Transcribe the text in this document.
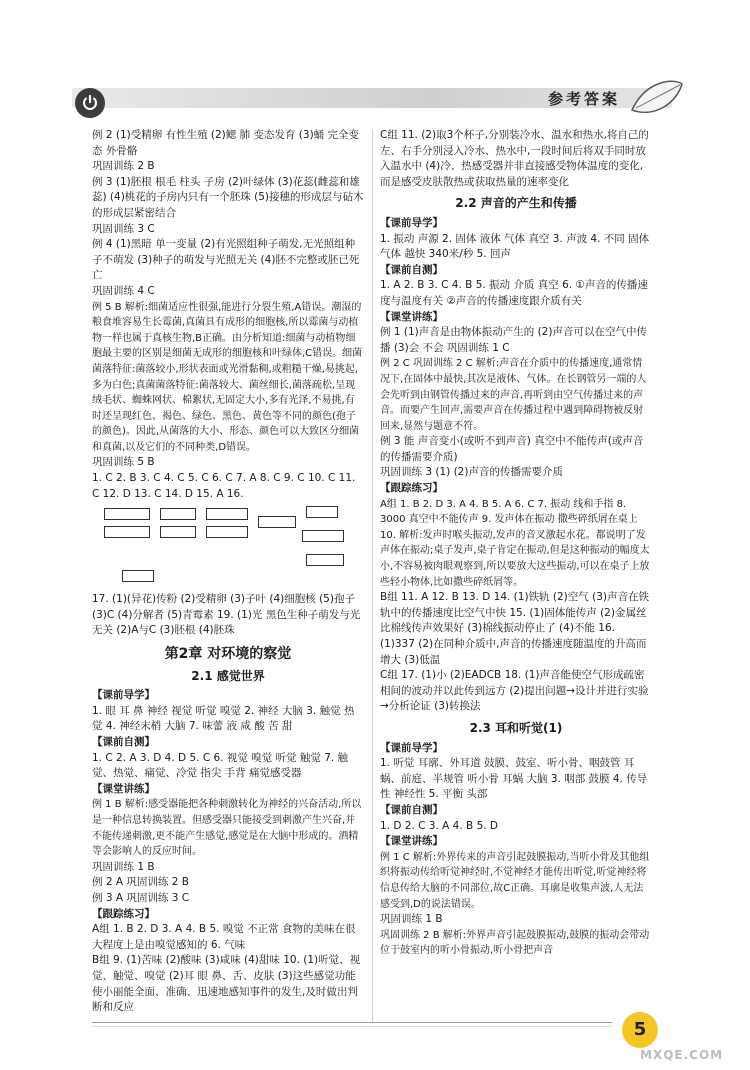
参考答案

例 2 (1)受精卵 有性生殖 (2)鳃 肺 变态发育 (3)蛹 完全变态 外骨骼

巩固训练 2 B

例 3 (1)胚根 根毛 柱头 子房 (2)叶绿体 (3)花蕊(雌蕊和雄蕊) (4)桃花的子房内只有一个胚珠 (5)接穗的形成层与砧木的形成层紧密结合

巩固训练 3 C

例 4 (1)黑暗 单一变量 (2)有光照组种子萌发,无光照组种子不萌发 (3)种子的萌发与光照无关 (4)胚不完整或胚已死亡

巩固训练 4 C

例 5 B 解析:细菌适应性很强,能进行分裂生殖,A错误。潮湿的粮食堆容易生长霉菌,真菌具有成形的细胞核,所以霉菌与动植物一样也属于真核生物,B正确。由分析知道:细菌与动植物细胞最主要的区别是细菌无成形的细胞核和叶绿体,C错误。细菌菌落特征:菌落较小,形状表面或光滑黏稠,或粗糙干燥,易挑起,多为白色;真菌菌落特征:菌落较大、菌丝细长,菌落疏松,呈现绒毛状、蜘蛛网状、棉絮状,无固定大小,多有光泽,不易挑,有时还呈现红色、褐色、绿色、黑色、黄色等不同的颜色(孢子的颜色)。因此,从菌落的大小、形态、颜色可以大致区分细菌和真菌,以及它们的不同种类,D错误。

巩固训练 5 B

1. C 2. B 3. C 4. C 5. C 6. C 7. A 8. C 9. C 10. C 11. C 12. D 13. C 14. D 15. A 16.

17. (1)(异花)传粉 (2)受精卵 (3)子叶 (4)细胞核 (5)孢子 (3)C (4)分解者 (5)青霉素 19. (1)光 黑色生种子萌发与光无关 (2)A与C (3)胚根 (4)胚珠

第2章 对环境的察觉

2.1 感觉世界

【课前导学】

1. 眼 耳 鼻 神经 视觉 听觉 嗅觉 2. 神经 大脑 3. 触觉 热觉 4. 神经末梢 大脑 7. 味蕾 液 咸 酸 苦 甜

【课前自测】

1. C 2. A 3. D 4. D 5. C 6. 视觉 嗅觉 听觉 触觉 7. 触觉、热觉、痛觉、冷觉 指尖 手背 痛觉感受器

【课堂讲练】

例 1 B 解析:感受器能把各种刺激转化为神经的兴奋活动,所以是一种信息转换装置。但感受器只能接受到刺激产生兴奋,并不能传递刺激,更不能产生感觉,感觉是在大脑中形成的。酒精等会影响人的反应时间。

巩固训练 1 B

例 2 A 巩固训练 2 B

例 3 A 巩固训练 3 C

【跟踪练习】

A组 1. B 2. D 3. A 4. B 5. 嗅觉 不正常 食物的美味在很大程度上是由嗅觉感知的 6. 气味

B组 9. (1)苦味 (2)酸味 (3)咸味 (4)甜味 10. (1)听觉、视觉、触觉、嗅觉 (2)耳 眼 鼻、舌、皮肤 (3)这些感觉功能使小丽能全面、准确、迅速地感知事件的发生,及时做出判断和反应

C组 11. (2)取3个杯子,分别装冷水、温水和热水,将自己的左、右手分别浸入冷水、热水中,一段时间后将双手同时放入温水中 (4)冷、热感受器并非直接感受物体温度的变化,而是感受皮肤散热或获取热量的速率变化

2.2 声音的产生和传播

【课前导学】

1. 振动 声源 2. 固体 液体 气体 真空 3. 声波 4. 不同 固体 气体 越快 340米/秒 5. 回声

【课前自测】

1. A 2. B 3. C 4. B 5. 振动 介质 真空 6. ①声音的传播速度与温度有关 ②声音的传播速度跟介质有关

【课堂讲练】

例 1 (1)声音是由物体振动产生的 (2)声音可以在空气中传播 (3)会 不会 巩固训练 1 C

例 2 C 巩固训练 2 C 解析:声音在介质中的传播速度,通常情况下,在固体中最快,其次是液体、气体。在长钢管另一端的人会先听到由钢管传播过来的声音,再听到由空气传播过来的声音。而要产生回声,需要声音在传播过程中遇到障碍物被反射回来,显然与题意不符。

例 3 能 声音变小(或听不到声音) 真空中不能传声(或声音的传播需要介质)

巩固训练 3 (1) (2)声音的传播需要介质

【跟踪练习】

A组 1. B 2. D 3. A 4. B 5. A 6. C 7. 振动 线和手指 8. 3000 真空中不能传声 9. 发声体在振动 撒些碎纸屑在桌上 10. 解析:发声时喉头振动,发声的音叉激起水花。都说明了发声体在振动;桌子发声,桌子肯定在振动,但是这种振动的幅度太小,不容易被肉眼观察到,所以要放大这些振动,可以在桌子上放些轻小物体,比如撒些碎纸屑等。

B组 11. A 12. B 13. D 14. (1)铁轨 (2)空气 (3)声音在铁轨中的传播速度比空气中快 15. (1)固体能传声 (2)金属丝比棉线传声效果好 (3)棉线振动停止了 (4)不能 16. (1)337 (2)在同种介质中,声音的传播速度随温度的升高而增大 (3)低温

C组 17. (1)小 (2)EADCB 18. (1)声音能使空气形成疏密相间的波动并以此传到远方 (2)提出问题→设计并进行实验→分析论证 (3)转换法

2.3 耳和听觉(1)

【课前导学】

1. 听觉 耳廓、外耳道 鼓膜、鼓室、听小骨、咽鼓管 耳蜗、前庭、半规管 听小骨 耳蜗 大脑 3. 咽部 鼓膜 4. 传导性 神经性 5. 平衡 头部

【课前自测】

1. D 2. C 3. A 4. B 5. D

【课堂讲练】

例 1 C 解析:外界传来的声音引起鼓膜振动,当听小骨及其他组织将振动传给听觉神经时,不觉神经才能传出听觉,听觉神经将信息传给大脑的不同部位,故C正确。耳廓是收集声波,人无法感受到,D的说法错误。

巩固训练 1 B

巩固训练 2 B 解析:外界声音引起鼓膜振动,鼓膜的振动会带动位于鼓室内的听小骨振动,听小骨把声音

5
MXQE.COM
